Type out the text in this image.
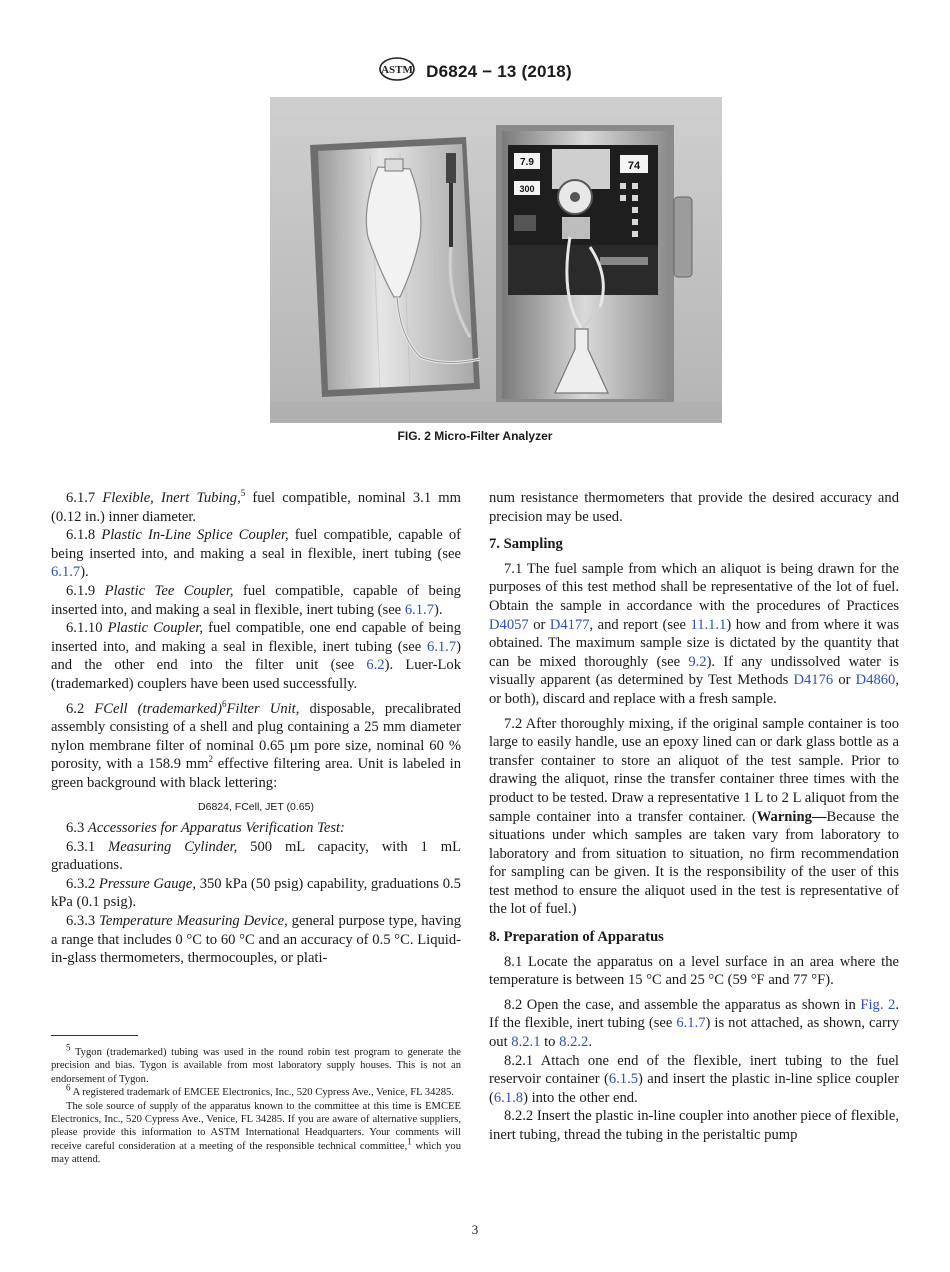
ASTM D6824 − 13 (2018)
7.9
300
74
FIG. 2 Micro-Filter Analyzer

6.1.7 Flexible, Inert Tubing,$^5$ fuel compatible, nominal 3.1 mm (0.12 in.) inner diameter.

6.1.8 Plastic In-Line Splice Coupler, fuel compatible, capable of being inserted into, and making a seal in flexible, inert tubing (see 6.1.7).

6.1.9 Plastic Tee Coupler, fuel compatible, capable of being inserted into, and making a seal in flexible, inert tubing (see 6.1.7).

6.1.10 Plastic Coupler, fuel compatible, one end capable of being inserted into, and making a seal in flexible, inert tubing (see 6.1.7) and the other end into the filter unit (see 6.2). Luer-Lok (trademarked) couplers have been used successfully.

6.2 FCell (trademarked)$^6$Filter Unit, disposable, precalibrated assembly consisting of a shell and plug containing a 25 mm diameter nylon membrane filter of nominal 0.65 µm pore size, nominal 60 % porosity, with a 158.9 $mm^2$ effective filtering area. Unit is labeled in green background with black lettering:

D6824, FCell, JET (0.65)

6.3 Accessories for Apparatus Verification Test:

6.3.1 Measuring Cylinder, 500 mL capacity, with 1 mL graduations.

6.3.2 Pressure Gauge, 350 kPa (50 psig) capability, graduations 0.5 kPa (0.1 psig).

6.3.3 Temperature Measuring Device, general purpose type, having a range that includes 0 °C to 60 °C and an accuracy of 0.5 °C. Liquid-in-glass thermometers, thermocouples, or plati-

$^5$ Tygon (trademarked) tubing was used in the round robin test program to generate the precision and bias. Tygon is available from most laboratory supply houses. This is not an endorsement of Tygon.

$^6$ A registered trademark of EMCEE Electronics, Inc., 520 Cypress Ave., Venice, FL 34285.

The sole source of supply of the apparatus known to the committee at this time is EMCEE Electronics, Inc., 520 Cypress Ave., Venice, FL 34285. If you are aware of alternative suppliers, please provide this information to ASTM International Headquarters. Your comments will receive careful consideration at a meeting of the responsible technical committee,$^1$ which you may attend.

num resistance thermometers that provide the desired accuracy and precision may be used.

7. Sampling

7.1 The fuel sample from which an aliquot is being drawn for the purposes of this test method shall be representative of the lot of fuel. Obtain the sample in accordance with the procedures of Practices D4057 or D4177, and report (see 11.1.1) how and from where it was obtained. The maximum sample size is dictated by the quantity that can be mixed thoroughly (see 9.2). If any undissolved water is visually apparent (as determined by Test Methods D4176 or D4860, or both), discard and replace with a fresh sample.

7.2 After thoroughly mixing, if the original sample container is too large to easily handle, use an epoxy lined can or dark glass bottle as a transfer container to store an aliquot of the test sample. Prior to drawing the aliquot, rinse the transfer container three times with the product to be tested. Draw a representative 1 L to 2 L aliquot from the sample container into a transfer container. (Warning—Because the situations under which samples are taken vary from laboratory to laboratory and from situation to situation, no firm recommendation for sampling can be given. It is the responsibility of the user of this test method to ensure the aliquot used in the test is representative of the lot of fuel.)

8. Preparation of Apparatus

8.1 Locate the apparatus on a level surface in an area where the temperature is between 15 °C and 25 °C (59 °F and 77 °F).

8.2 Open the case, and assemble the apparatus as shown in Fig. 2. If the flexible, inert tubing (see 6.1.7) is not attached, as shown, carry out 8.2.1 to 8.2.2.

8.2.1 Attach one end of the flexible, inert tubing to the fuel reservoir container (6.1.5) and insert the plastic in-line splice coupler (6.1.8) into the other end.

8.2.2 Insert the plastic in-line coupler into another piece of flexible, inert tubing, thread the tubing in the peristaltic pump

3
